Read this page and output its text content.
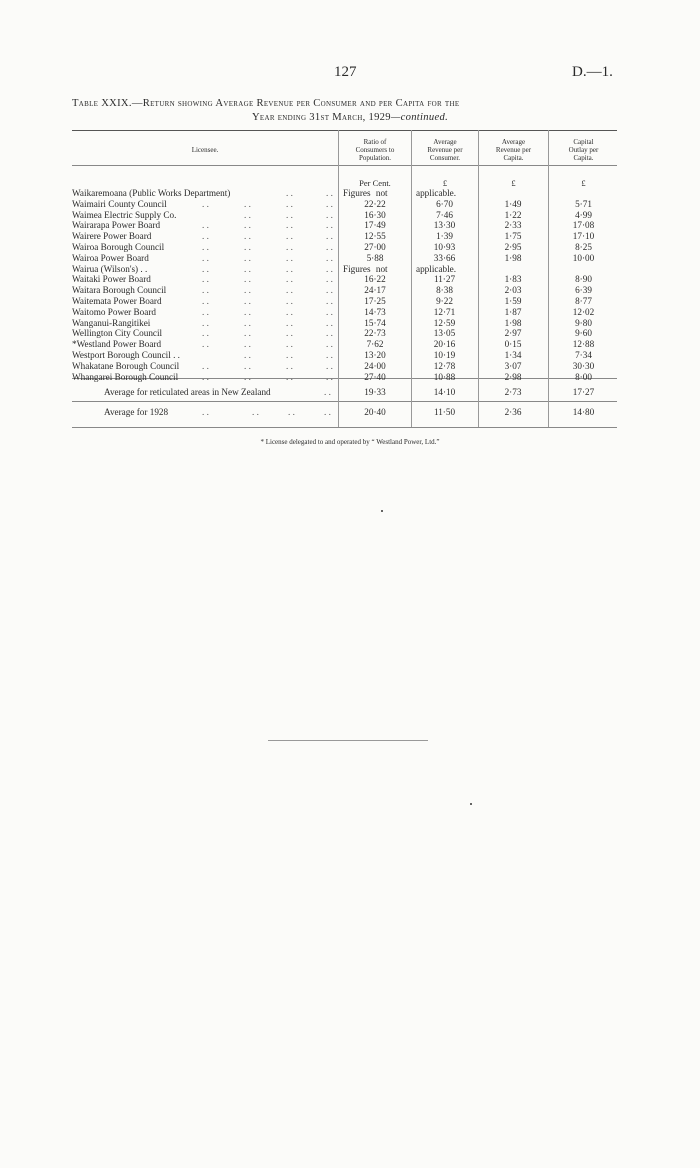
127	D.—1.
Table XXIX.—Return showing Average Revenue per Consumer and per Capita for the
Year ending 31st March, 1929—continued.
Licensee.
Ratio of
Consumers to
Population.
Average
Revenue per
Consumer.
Average
Revenue per
Capita.
Capital
Outlay per
Capita.
Per Cent.	£	£	£
Waikaremoana (Public Works Department)	. .	. . Figures not	applicable.
Waimairi County Council	. .	. .	. .	. .	22·22	6·70	1·49	5·71
Waimea Electric Supply Co.	. .	. .	. .	16·30	7·46	1·22	4·99
Wairarapa Power Board	. .	. .	. .	. .	17·49	13·30	2·33	17·08
Wairere Power Board	. .	. .	. .	. .	12·55	1·39	1·75	17·10
Wairoa Borough Council	. .	. .	. .	. .	27·00	10·93	2·95	8·25
Wairoa Power Board	. .	. .	. .	. .	5·88	33·66	1·98	10·00
Wairua (Wilson's) . .	. .	. .	. .	. . Figures not	applicable.
Waitaki Power Board	. .	. .	. .	. .	16·22	11·27	1·83	8·90
Waitara Borough Council	. .	. .	. .	. .	24·17	8·38	2·03	6·39
Waitemata Power Board	. .	. .	. .	. .	17·25	9·22	1·59	8·77
Waitomo Power Board	. .	. .	. .	. .	14·73	12·71	1·87	12·02
Wanganui-Rangitikei	. .	. .	. .	. .	15·74	12·59	1·98	9·80
Wellington City Council	. .	. .	. .	. .	22·73	13·05	2·97	9·60
*Westland Power Board	. .	. .	. .	. .	7·62	20·16	0·15	12·88
Westport Borough Council . .	. .	. .	. .	13·20	10·19	1·34	7·34
Whakatane Borough Council . .	. .	. .	. .	24·00	12·78	3·07	30·30
Whangarei Borough Council	. .	. .	. .	. .	27·40	10·88	2·98	8·00
Average for reticulated areas in New Zealand	. .	19·33	14·10	2·73	17·27
Average for 1928	. .	. .	. .	. .	20·40	11·50	2·36	14·80
* License delegated to and operated by “ Westland Power, Ltd.”
